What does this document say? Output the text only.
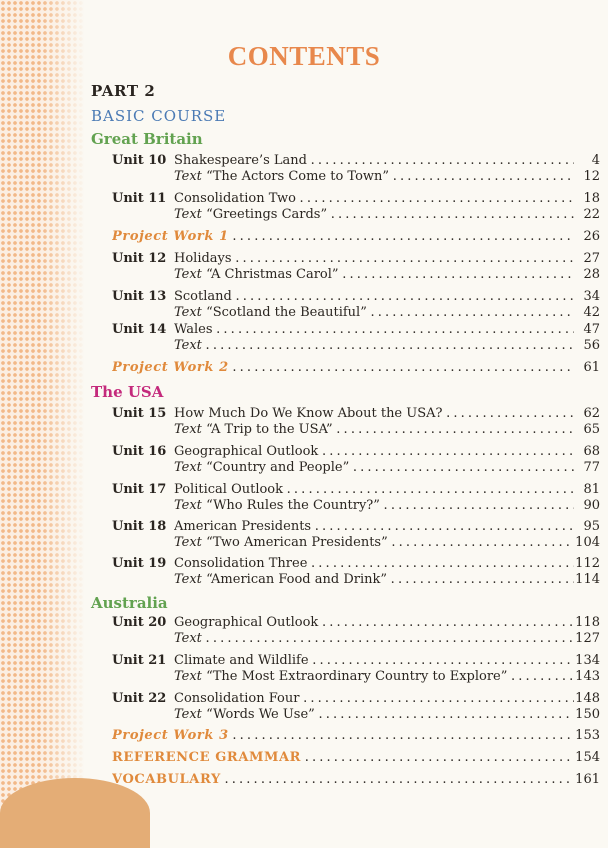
CONTENTS
PART 2
BASIC COURSE
Great Britain
Unit 10 Shakespeare’s Land . . .	4
Text “The Actors Come to Town” . . .	12
Unit 11 Consolidation Two . . .	18
Text “Greetings Cards” . . .	22
Project Work 1 . . .	26
Unit 12 Holidays . . .	27
Text “A Christmas Carol” . . .	28
Unit 13 Scotland . . .	34
Text “Scotland the Beautiful” . . .	42
Unit 14 Wales . . .	47
Text . . .	56
Project Work 2 . . .	61
The USA
Unit 15 How Much Do We Know About the USA? . . .	62
Text “A Trip to the USA” . . .	65
Unit 16 Geographical Outlook . . .	68
Text “Country and People” . . .	77
Unit 17 Political Outlook . . .	81
Text “Who Rules the Country?” . . .	90
Unit 18 American Presidents . . .	95
Text “Two American Presidents” . . .	104
Unit 19 Consolidation Three . . .	112
Text “American Food and Drink” . . .	114
Australia
Unit 20 Geographical Outlook . . .	118
Text . . .	127
Unit 21 Climate and Wildlife . . .	134
Text “The Most Extraordinary Country to Explore” . . .	143
Unit 22 Consolidation Four . . .	148
Text “Words We Use” . . .	150
Project Work 3 . . .	153
REFERENCE GRAMMAR . . .	154
VOCABULARY . . .	161
